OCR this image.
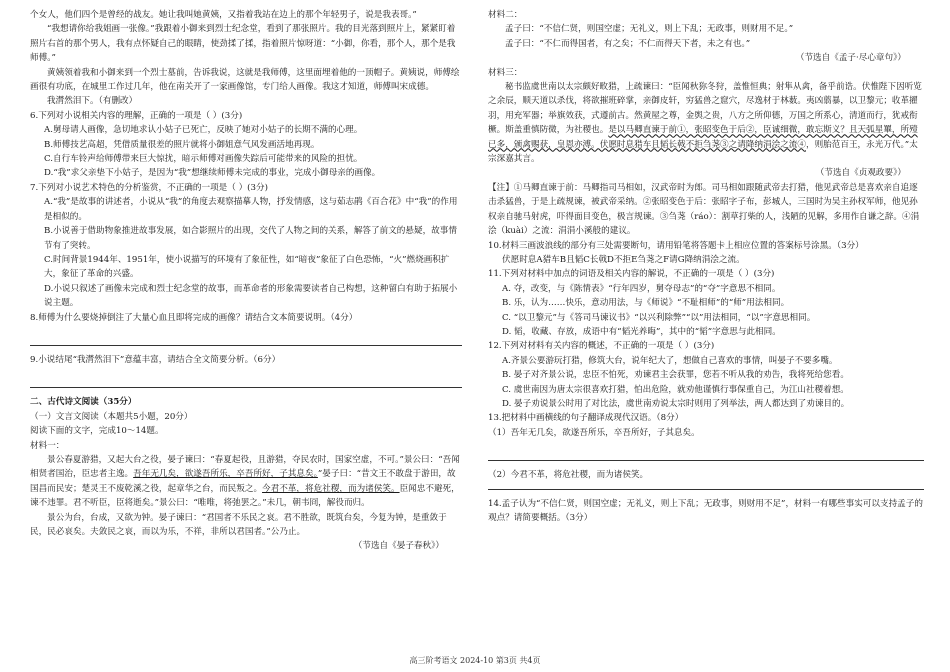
个女人，他们四个是曾经的战友。她让我叫她黄姨，又指着我站在边上的那个年轻男子，说是我表哥。”

“我想请你给我姐画一张像。”我跟着小御来到烈士纪念堂，看到了那张照片。我的目光落到照片上，紧紧盯着照片右首的那个男人，我有点怀疑自己的眼睛，使劲揉了揉，指着照片惊呀道：“小御，你看，那个人，那个是我师傅。”

黄姨领着我和小御来到一个烈士墓前，告诉我说，这就是我师傅，这里面埋着他的一顶帽子。黄姨说，师傅绘画很有功底，在城里工作过几年，他在南关开了一家画像馆，专门给人画像。我这才知道，师傅叫宋成德。

我潸然泪下。（有删改）

6.下列对小说相关内容的理解，正确的一项是（ ）(3分)

A.舅母请人画像，急切地求认小姑子已死亡，反映了她对小姑子的长期不满的心理。

B.师傅技艺高超，凭借质量很差的照片就将小御姐意气风发画活地再现。

C.自行车铃声给师傅带来巨大惊扰，暗示师傅对画像失踪后可能带来的风险的担忧。

D.“我”求父亲垫下小姑子，是因为“我”想继续师傅未完成的事业，完成小御母亲的画像。

7.下列对小说艺术特色的分析鉴赏，不正确的一项是（ ）(3分)

A.“我”是故事的讲述者，小说从“我”的角度去观察描摹人物，抒发情感，这与茹志鹃《百合花》中“我”的作用是相似的。

B.小说善于借助物象推进故事发展，如合影照片的出现，交代了人物之间的关系，解答了前文的悬疑，故事情节有了突转。

C.时间背景1944年、1951年，使小说描写的环境有了象征性，如“暗夜”象征了白色恐怖，“火”燃烧画积扩大，象征了革命的兴盛。

D.小说只叙述了画像未完成和烈士纪念堂的故事，而革命者的形象需要读者自己构想，这种留白有助于拓展小说主题。

8.师傅为什么要烧掉倒注了大量心血且即将完成的画像？请结合文本简要说明。（4分）

9.小说结尾“我潸然泪下”意蕴丰富，请结合全文简要分析。（6分）

二、古代诗文阅读（35分）

（一）文言文阅读（本题共5小题，20分）

阅读下面的文字，完成10～14题。

材料一：

景公春夏游猎，又起大台之役，晏子谏曰：“春夏起役，且游猎，夺民农时，国家空虚，不可。”景公曰：“吾闻相贤者国治，臣忠者主逸。吾年无几矣，欲遂吾所乐，卒吾所好，子其息矣。”晏子曰：“昔文王不敢盘于游田，故国昌而民安；楚灵王不废乾溪之役，起章华之台，而民叛之。今君不革，将危社稷，而为诸侯笑。臣闻忠不避死，谏不违罪。君不听臣，臣将逝矣。”景公曰：“唯唯，将弛罢之。”未几，朝韦冏，解役而归。

景公为台，台成，又欲为钟。晏子谏曰：“君国者不乐民之哀。君不胜欲，既筑台矣，今复为钟，是重敛于民，民必哀矣。夫敛民之哀，而以为乐，不祥，非所以君国者。”公乃止。

（节选自《晏子春秋》）

材料二：

孟子曰：“不信仁贤，则国空虚；无礼义，则上下乱；无政事，则财用不足。”

孟子曰：“不仁而得国者，有之矣；不仁而得天下者，未之有也。”

（节选自《孟子·尽心章句》）

材料三：

秘书监虞世南以太宗颇好畋猎，上疏谏曰：“臣闻秋狝冬狩，盖惟恒典；射隼从禽，备乎前诰。伏惟陛下因听览之余辰，顺天道以杀伐，将欲摧班碎掌，亲御皮轩，穷猛兽之窟穴，尽逸材于林薮。夷凶翦暴，以卫黎元；收革擢羽，用充军器；举旗效获，式遵前古。然黄屋之尊，金舆之贵，八方之所仰德，万国之所系心，清道而行，犹戒衔橛。斯盖重慎防微，为社稷也。是以马卿直谏于前①，张昭变色于后②，臣诚细微，敢忘斯义？且天弧星罼，所殪已多，颁禽赐获，皇恩亦溥。伏愿时息猎车且韬长戟不拒刍荛③之请降纳涓浍之流④，则胎范百王，永光万代。”太宗深嘉其言。

（节选自《贞观政要》）

【注】①马卿直谏于前：马卿指司马相如，汉武帝时为郎。司马相如跟随武帝去打猎，他见武帝总是喜欢亲自追逐击杀猛兽，于是上疏规谏，被武帝采纳。②张昭变色于后：张昭字子布，彭城人，三国时为吴主孙权军师，他见孙权亲自驰马射虎，吓得面目变色，极言规谏。③刍荛（ráo）：割草打柴的人，浅陋的见解，多用作自谦之辞。④涓浍（kuài）之流：涓涓小溪般的建议。

10.材料三画波浪线的部分有三处需要断句，请用铅笔将答题卡上相应位置的答案标号涂黑。（3分）

伏愿时息A猎车B且韬C长戟D不拒E刍荛之F请G降纳涓浍之流。

11.下列对材料中加点的词语及相关内容的解说，不正确的一项是（ ）(3分)

A. 夺，改变，与《陈情表》“行年四岁，舅夺母志”的“夺”字意思不相同。

B. 乐，认为……快乐，意动用法，与《师说》“不耻相师”的“师”用法相同。

C. “以卫黎元”与《答司马谏议书》“以兴利除弊”“以”用法相同，“以”字意思相同。

D. 韬，收藏、存放，成语中有“韬光养晦”，其中的“韬”字意思与此相同。

12.下列对材料有关内容的概述，不正确的一项是（ ）(3分)

A.齐景公要游玩打猎，修筑大台，说年纪大了，想做自己喜欢的事情，叫晏子不要多嘴。

B. 晏子对齐景公说，忠臣不怕死，劝谏君主会获罪，您若不听从我的劝告，我将死给您看。

C. 虞世南因为唐太宗很喜欢打猎，怕出危险，就劝他谨慎行事保重自己，为江山社稷着想。

D. 晏子劝说景公时用了对比法，虞世南劝说太宗时则用了列举法，两人都达到了劝谏目的。

13.把材料中画横线的句子翻译成现代汉语。（8分）

（1）吾年无几矣，欲遂吾所乐，卒吾所好，子其息矣。

（2）今君不革，将危社稷，而为诸侯笑。

14.孟子认为“不信仁贤，则国空虚；无礼义，则上下乱；无政事，则财用不足”，材料一有哪些事实可以支持孟子的观点？请简要概括。（3分）

高三阶考语文 2024-10 第3页 共4页
